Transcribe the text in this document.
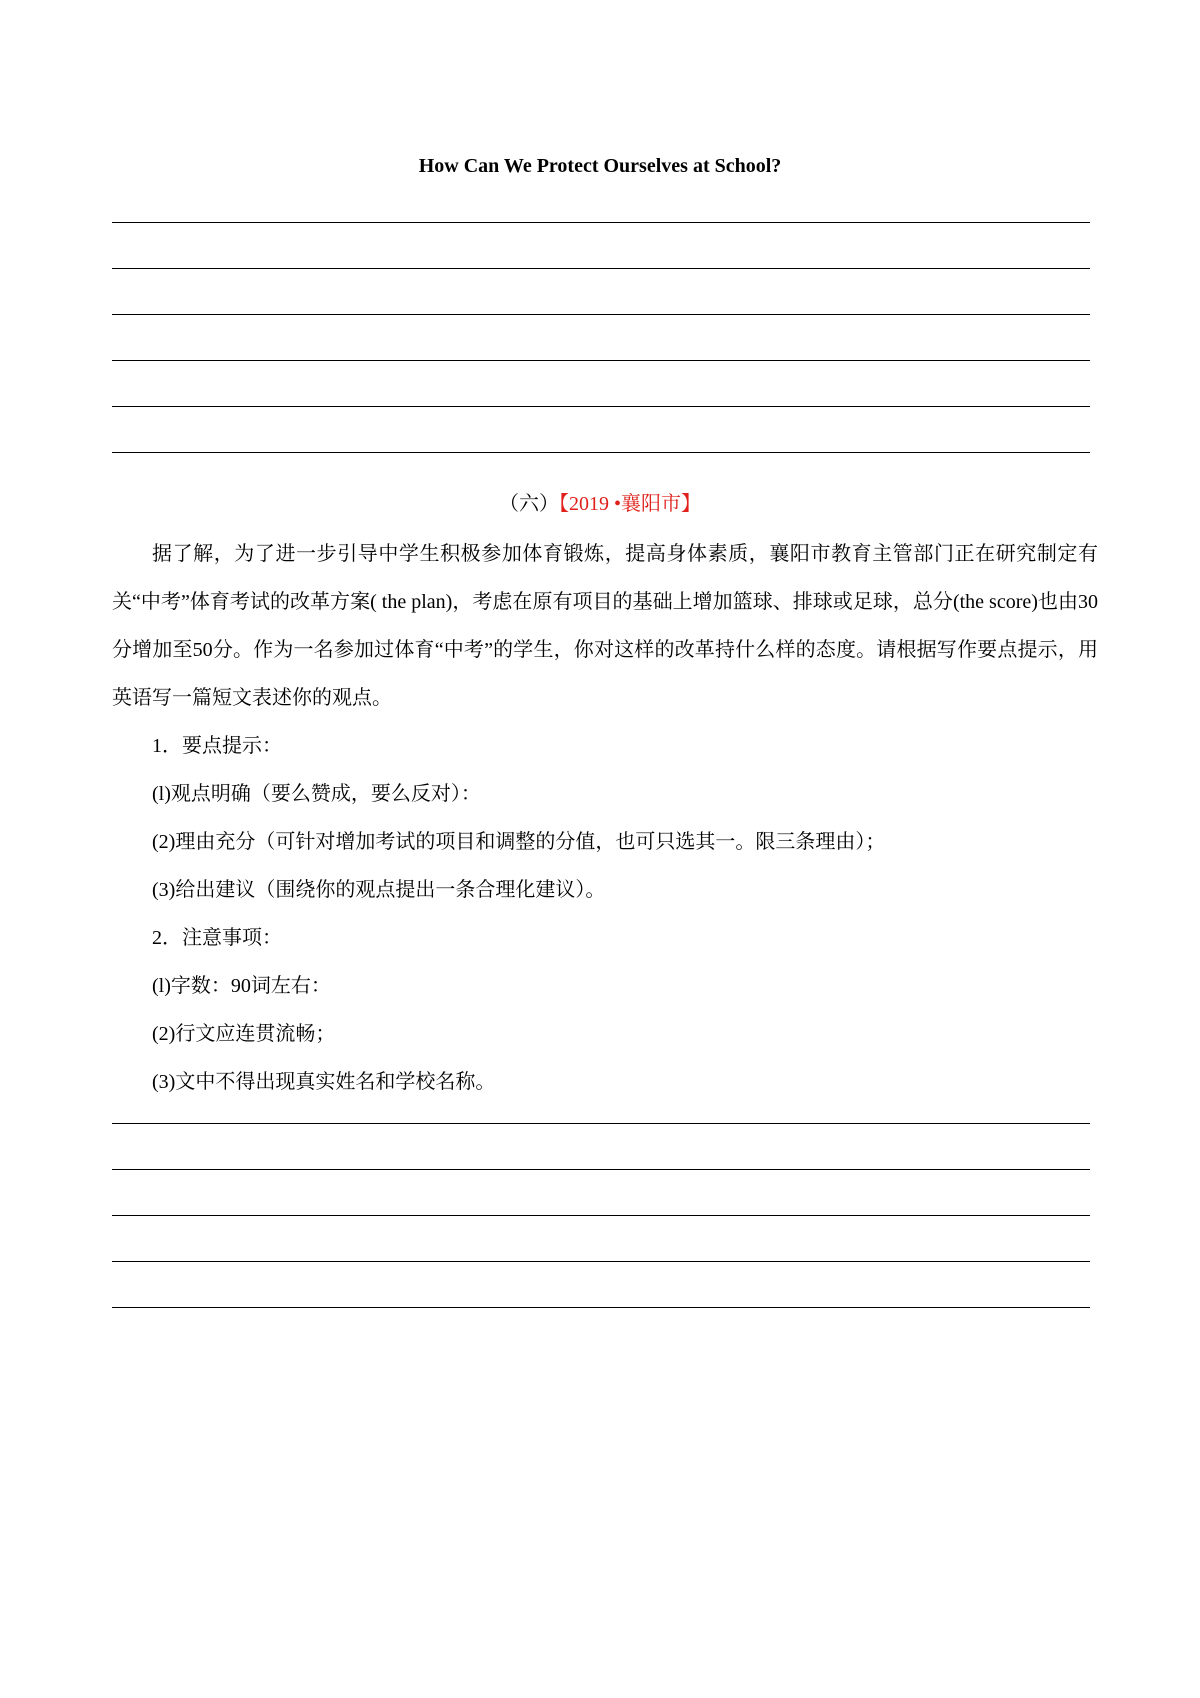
How Can We Protect Ourselves at School?
（六）【2019 •襄阳市】
据了解，为了进一步引导中学生积极参加体育锻炼，提高身体素质，襄阳市教育主管部门正在研究制定有关“中考”体育考试的改革方案( the plan)，考虑在原有项目的基础上增加篮球、排球或足球，总分(the score)也由30分增加至50分。作为一名参加过体育“中考”的学生，你对这样的改革持什么样的态度。请根据写作要点提示，用英语写一篇短文表述你的观点。
1．要点提示：
(l)观点明确（要么赞成，要么反对）：
(2)理由充分（可针对增加考试的项目和调整的分值，也可只选其一。限三条理由）；
(3)给出建议（围绕你的观点提出一条合理化建议）。
2．注意事项：
(l)字数：90词左右：
(2)行文应连贯流畅；
(3)文中不得出现真实姓名和学校名称。
